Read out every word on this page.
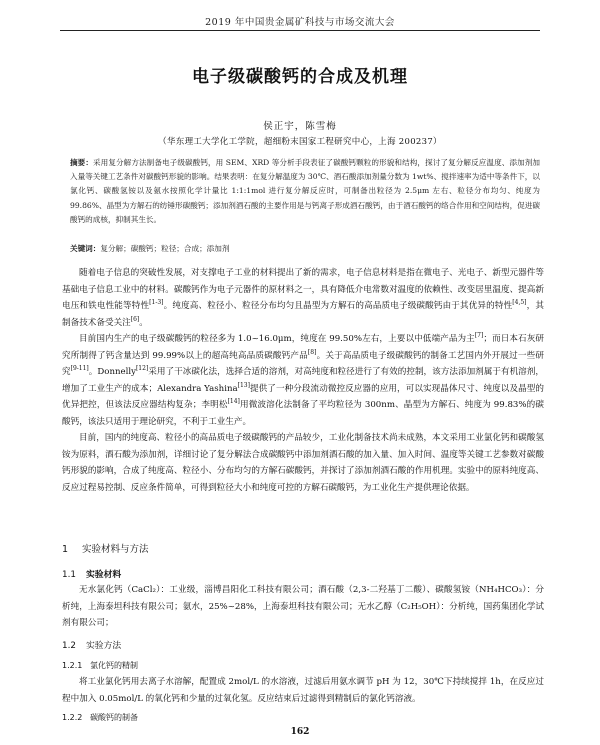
2019 年中国贵金属矿科技与市场交流大会
电子级碳酸钙的合成及机理
侯正宇，陈雪梅
（华东理工大学化工学院，超细粉末国家工程研究中心，上海 200237）
摘要：采用复分解方法制备电子级碳酸钙，用 SEM、XRD 等分析手段表征了碳酸钙颗粒的形貌和结构，探讨了复分解反应温度、添加剂加入量等关键工艺条件对碳酸钙形貌的影响。结果表明：在复分解温度为 30℃、酒石酸添加剂量分数为 1wt%、搅拌速率为适中等条件下，以氯化钙、碳酸氢铵以及氨水按照化学计量比 1:1:1mol 进行复分解反应时，可制备出粒径为 2.5μm 左右、粒径分布均匀、纯度为 99.86%、晶型为方解石的纺锤形碳酸钙；添加剂酒石酸的主要作用是与钙离子形成酒石酸钙，由于酒石酸钙的络合作用和空间结构，促进碳酸钙的成核，抑制其生长。
关键词：复分解；碳酸钙；粒径；合成；添加剂

随着电子信息的突破性发展，对支撑电子工业的材料提出了新的需求，电子信息材料是指在微电子、光电子、新型元器件等基础电子信息工业中的材料。碳酸钙作为电子元器件的原材料之一，具有降低介电常数对温度的依赖性、改变居里温度、提高新电压和铁电性能等特性[1-3]。纯度高、粒径小、粒径分布均匀且晶型为方解石的高品质电子级碳酸钙由于其优异的特性[4,5]，其制备技术备受关注[6]。

目前国内生产的电子级碳酸钙的粒径多为 1.0~16.0μm，纯度在 99.50%左右，上要以中低端产品为主[7]；而日本石灰研究所制得了钙含量达到 99.99%以上的超高纯高品质碳酸钙产品[8]。关于高品质电子级碳酸钙的制备工艺国内外开展过一些研究[9-11]。Donnelly[12]采用了干冰碳化法，选择合适的溶剂，对高纯度和粒径进行了有效的控制，该方法添加剂属于有机溶剂，增加了工业生产的成本；Alexandra Yashina[13]提供了一种分段流动微控反应器的应用，可以实现晶体尺寸、纯度以及晶型的优异把控，但该法反应器结构复杂；李明松[14]用微波溶化法制备了平均粒径为 300nm、晶型为方解石、纯度为 99.83%的碳酸钙，该法只适用于理论研究，不利于工业生产。

目前，国内的纯度高、粒径小的高品质电子级碳酸钙的产品较少，工业化制备技术尚未成熟，本文采用工业氯化钙和碳酸氢铵为原料，酒石酸为添加剂，详细讨论了复分解法合成碳酸钙中添加剂酒石酸的加入量、加入时间、温度等关键工艺参数对碳酸钙形貌的影响，合成了纯度高、粒径小、分布均匀的方解石碳酸钙，并探讨了添加剂酒石酸的作用机理。实验中的原料纯度高、反应过程易控制、反应条件简单，可得到粒径大小和纯度可控的方解石碳酸钙，为工业化生产提供理论依据。

1 实验材料与方法
1.1 实验材料

无水氯化钙（CaCl₂）：工业级，淄博昌阳化工科技有限公司；酒石酸（2,3-二羟基丁二酸）、碳酸氢铵（NH₄HCO₃）：分析纯，上海泰坦科技有限公司；氨水，25%~28%，上海泰坦科技有限公司；无水乙醇（C₂H₅OH）：分析纯，国药集团化学试剂有限公司；

1.2 实验方法
1.2.1 氯化钙的精制

将工业氯化钙用去离子水溶解，配置成 2mol/L 的水溶液，过滤后用氨水调节 pH 为 12，30℃下持续搅拌 1h，在反应过程中加入 0.05mol/L 的氧化钙和少量的过氧化氢。反应结束后过滤得到精制后的氯化钙溶液。

1.2.2 碳酸钙的制备
162
